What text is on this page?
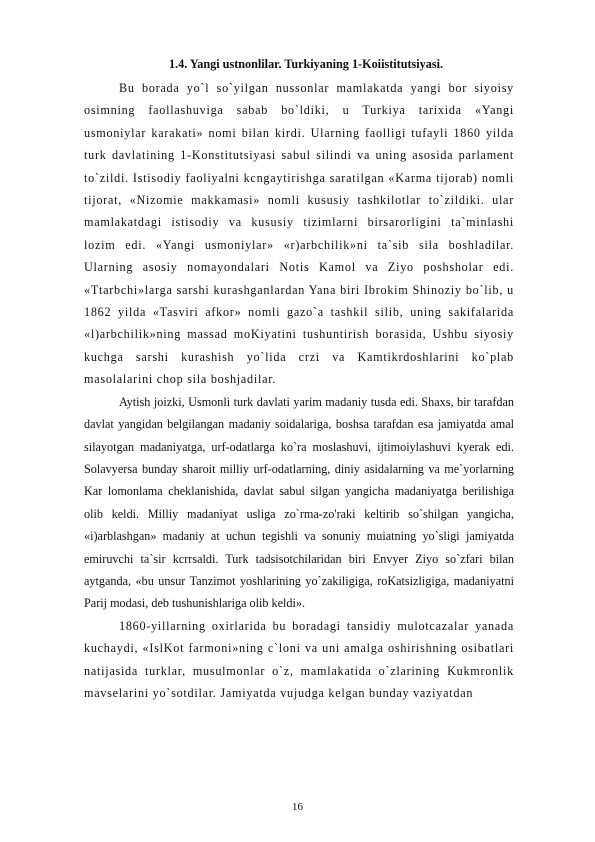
1.4. Yangi ustnonlilar. Turkiyaning 1-Koiistitutsiyasi.

Bu borada yo`l so`yilgan nussonlar mamlakatda yangi bor siyoisy osimning faollashuviga sabab bo`ldiki, u Turkiya tarixida «Yangi usmoniylar karakati» nomi bilan kirdi. Ularning faolligi tufayli 1860 yilda turk davlatining 1-Konstitutsiyasi sabul silindi va uning asosida parlament to`zildi. Istisodiy faoliyalni kcngaytirishga saratilgan «Karma tijorab) nomli tijorat, «Nizomie makkamasi» nomli kususiy tashkilotlar to`zildiki. ular mamlakatdagi istisodiy va kususiy tizimlarni birsarorligini ta`minlashi lozim edi. «Yangi usmoniylar» «r)arbchilik»ni ta`sib sila boshladilar. Ularning asosiy nomayondalari Notis Kamol va Ziyo poshsholar edi. «Ttarbchi»larga sarshi kurashganlardan Yana biri Ibrokim Shinoziy bo`lib, u 1862 yilda «Tasviri afkor» nomli gazo`a tashkil silib, uning sakifalarida «l)arbchilik»ning massad moKiyatini tushuntirish borasida, Ushbu siyosiy kuchga sarshi kurashish yo`lida crzi va Kamtikrdoshlarini ko`plab masolalarini chop sila boshjadilar.

Aytish joizki, Usmonli turk davlati yarim madaniy tusda edi. Shaxs, bir tarafdan davlat yangidan belgilangan madaniy soidalariga, boshsa tarafdan esa jamiyatda amal silayotgan madaniyatga, urf-odatlarga ko`ra moslashuvi, ijtimoiylashuvi kyerak edi. Solavyersa bunday sharoit milliy urf-odatlarning, diniy asidalarning va me`yorlarning Kar lomonlama cheklanishida, davlat sabul silgan yangicha madaniyatga berilishiga olib keldi. Milliy madaniyat usliga zo`rma-zo'raki keltirib so`shilgan yangicha, «i)arblashgan» madaniy at uchun tegishli va sonuniy muiatning yo`sligi jamiyatda emiruvchi ta`sir kcrrsaldi. Turk tadsisotchilaridan biri Envyer Ziyo so`zfari bilan aytganda, «bu unsur Tanzimot yoshlarining yo`zakiligiga, roKatsizligiga, madaniyatni Parij modasi, deb tushunishlariga olib keldi».

1860-yillarning oxirlarida bu boradagi tansidiy mulotcazalar yanada kuchaydi, «IslKot farmoni»ning c`loni va uni amalga oshirishning osibatlari natijasida turklar, musulmonlar o`z, mamlakatida o`zlarining Kukmronlik mavselarini yo`sotdilar. Jamiyatda vujudga kelgan bunday vaziyatdan

16
